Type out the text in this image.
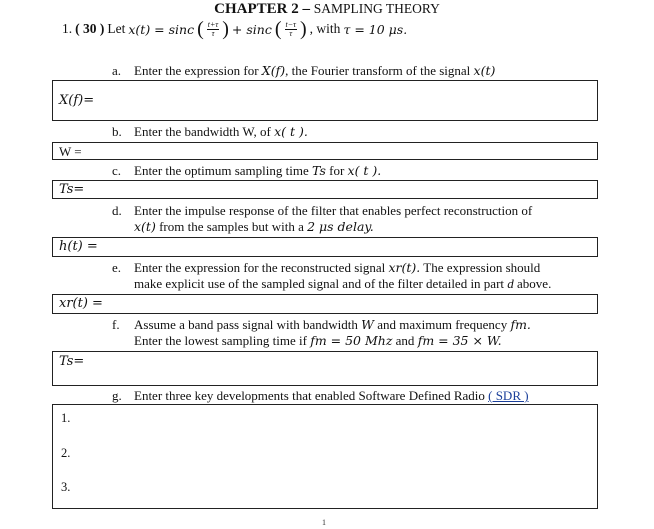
CHAPTER 2 – SAMPLING THEORY
1. ( 30 ) Let x(t) = sinc ( $\frac{t+\tau}{\tau}$ ) + sinc ( $\frac{t-\tau}{\tau}$ ) , with τ = 10 μs.
a. Enter the expression for X(f), the Fourier transform of the signal x(t)
X(f)=
b. Enter the bandwidth W, of x( t ).
W =
c. Enter the optimum sampling time Ts for x( t ).
Ts=
d. Enter the impulse response of the filter that enables perfect reconstruction of
x(t) from the samples but with a 2 μs delay.
h(t) =
e. Enter the expression for the reconstructed signal xr(t). The expression should
make explicit use of the sampled signal and of the filter detailed in part d above.
xr(t) =
f. Assume a band pass signal with bandwidth W and maximum frequency fm.
Enter the lowest sampling time if fm = 50 Mhz and fm = 35 × W.
Ts=
g. Enter three key developments that enabled Software Defined Radio ( SDR )
1.
2.
3.
1
